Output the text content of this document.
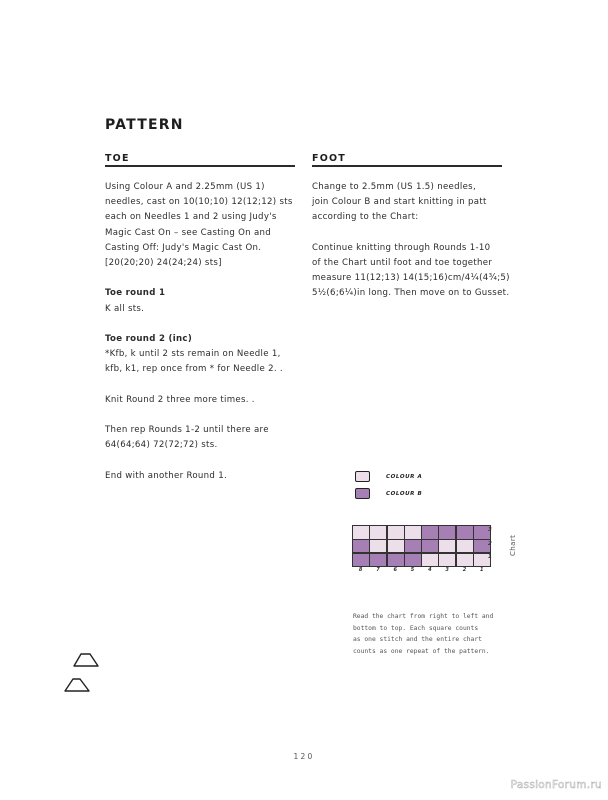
PATTERN
TOE

Using Colour A and 2.25mm (US 1)

needles, cast on 10(10;10) 12(12;12) sts

each on Needles 1 and 2 using Judy's

Magic Cast On – see Casting On and

Casting Off: Judy's Magic Cast On.

[20(20;20) 24(24;24) sts]

Toe round 1

K all sts.

Toe round 2 (inc)

*Kfb, k until 2 sts remain on Needle 1,

kfb, k1, rep once from * for Needle 2. .

Knit Round 2 three more times. .

Then rep Rounds 1-2 until there are

64(64;64) 72(72;72) sts.

End with another Round 1.

FOOT

Change to 2.5mm (US 1.5) needles,

join Colour B and start knitting in patt

according to the Chart:

Continue knitting through Rounds 1-10

of the Chart until foot and toe together

measure 11(12;13) 14(15;16)cm/4¼(4¾;5)

5½(6;6¼)in long. Then move on to Gusset.

COLOUR A
COLOUR B
3
2
1
8	7	6	5	4	3	2	1
Chart

Read the chart from right to left and

bottom to top. Each square counts

as one stitch and the entire chart

counts as one repeat of the pattern.

120
PassionForum.ru
